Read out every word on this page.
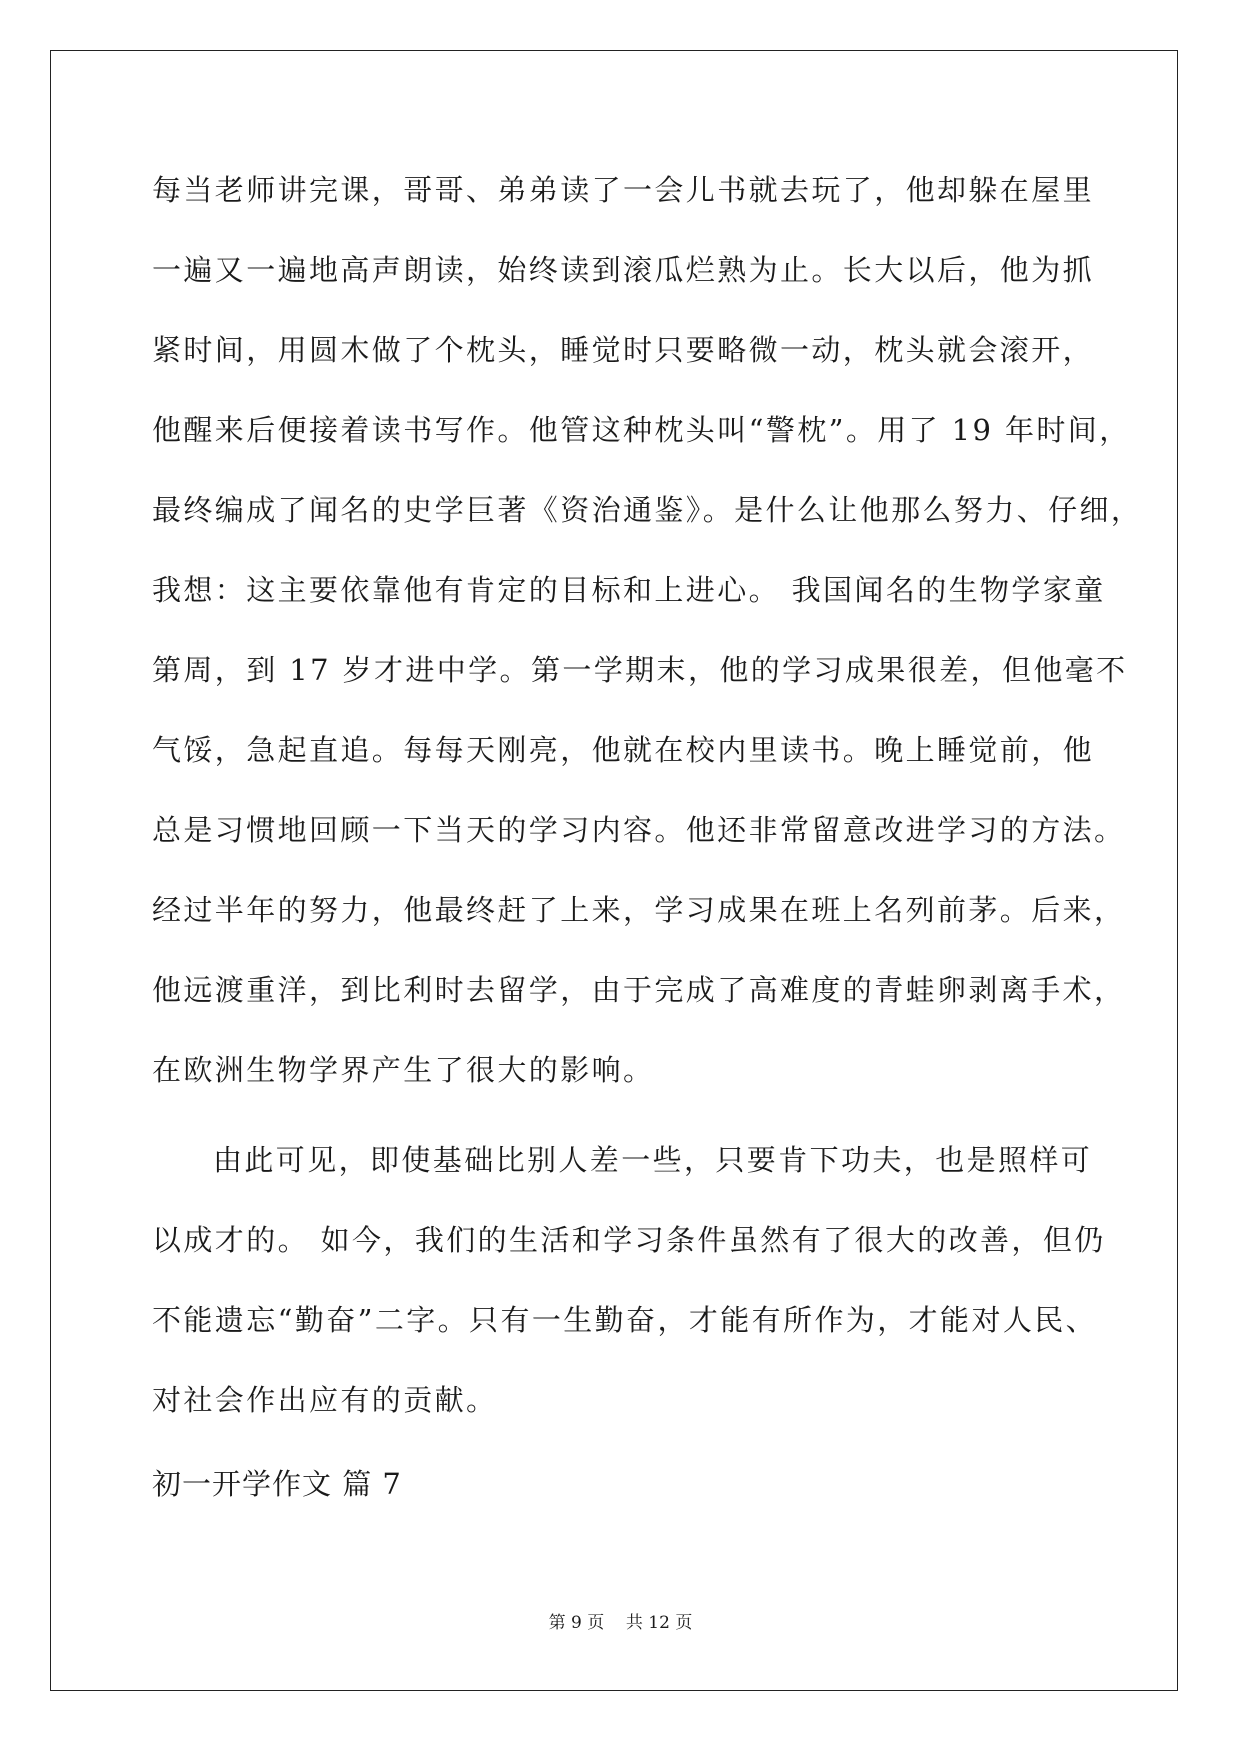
每当老师讲完课，哥哥、弟弟读了一会儿书就去玩了，他却躲在屋里
一遍又一遍地高声朗读，始终读到滚瓜烂熟为止。长大以后，他为抓
紧时间，用圆木做了个枕头，睡觉时只要略微一动，枕头就会滚开，
他醒来后便接着读书写作。他管这种枕头叫“警枕”。用了 19 年时间，
最终编成了闻名的史学巨著《资治通鉴》。是什么让他那么努力、仔细，
我想：这主要依靠他有肯定的目标和上进心。 我国闻名的生物学家童
第周，到 17 岁才进中学。第一学期末，他的学习成果很差，但他毫不
气馁，急起直追。每每天刚亮，他就在校内里读书。晚上睡觉前，他
总是习惯地回顾一下当天的学习内容。他还非常留意改进学习的方法。
经过半年的努力，他最终赶了上来，学习成果在班上名列前茅。后来，
他远渡重洋，到比利时去留学，由于完成了高难度的青蛙卵剥离手术，
在欧洲生物学界产生了很大的影响。
由此可见，即使基础比别人差一些，只要肯下功夫，也是照样可
以成才的。 如今，我们的生活和学习条件虽然有了很大的改善，但仍
不能遗忘“勤奋”二字。只有一生勤奋，才能有所作为，才能对人民、
对社会作出应有的贡献。
初一开学作文 篇 7
第 9 页    共 12 页
